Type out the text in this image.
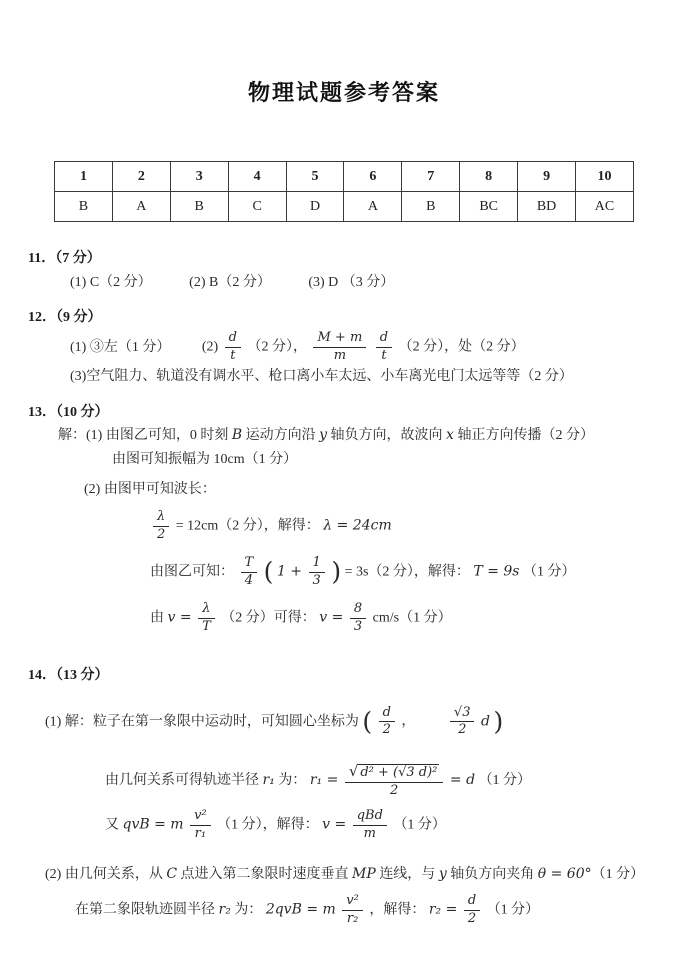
物理试题参考答案
1	2	3	4	5	6	7	8	9	10
B	A	B	C	D	A	B	BC	BD	AC
11．（7 分）
(1) C（2 分）	(2) B（2 分）	(3) D （3 分）
12．（9 分）
(1) ③左（1 分） $(2) \frac{d}{t} (2$ 分）， $\frac{M + m}{m}$
$\frac{d}{t} (2$ 分），处（2 分）
(3)空气阻力、轨道没有调水平、枪口离小车太远、小车离光电门太远等等（2 分）
13．（10 分）
解：(1) 由图乙可知，0 时刻 B 运动方向沿 y 轴负方向，故波向 x 轴正方向传播（2 分）
由图可知振幅为 10cm（1 分）
(2) 由图甲可知波长：
$\frac{\lambda}{2} = 12cm(2$ 分），解得： λ = 24cm
由图乙可知： $\frac{T}{4}$ ( $1 + \frac{1}{3}$ ) = 3s（2 分），解得： T = 9s （1 分）
由 $v = \frac{\lambda}{T} (2$ 分）可得： $v = \frac{8}{3} cm/s(1$ 分）
14．（13 分）
(1) 解：粒子在第一象限中运动时，可知圆心坐标为 ( $\frac{d}{2}$ ，	$\frac{√3}{2}$ d )
由几何关系可得轨迹半径 r₁ 为： $r_1 = \frac{\text{√ d² + (√3 d)²}}{2} = d$ （1 分）
又 qvB = m $\frac{\text{v²}}{\text{r₁}} (1$ 分），解得： v =
qBd
m
（1 分）
(2) 由几何关系，从 C 点进入第二象限时速度垂直 MP 连线，与 y 轴负方向夹角 θ = 60°（1 分）
在第二象限轨迹圆半径 r₂ 为： 2qvB = m $\frac{\text{v²}}{\text{r₂}}$ ，解得： $r_2 = \frac{d}{2} (1$ 分）
